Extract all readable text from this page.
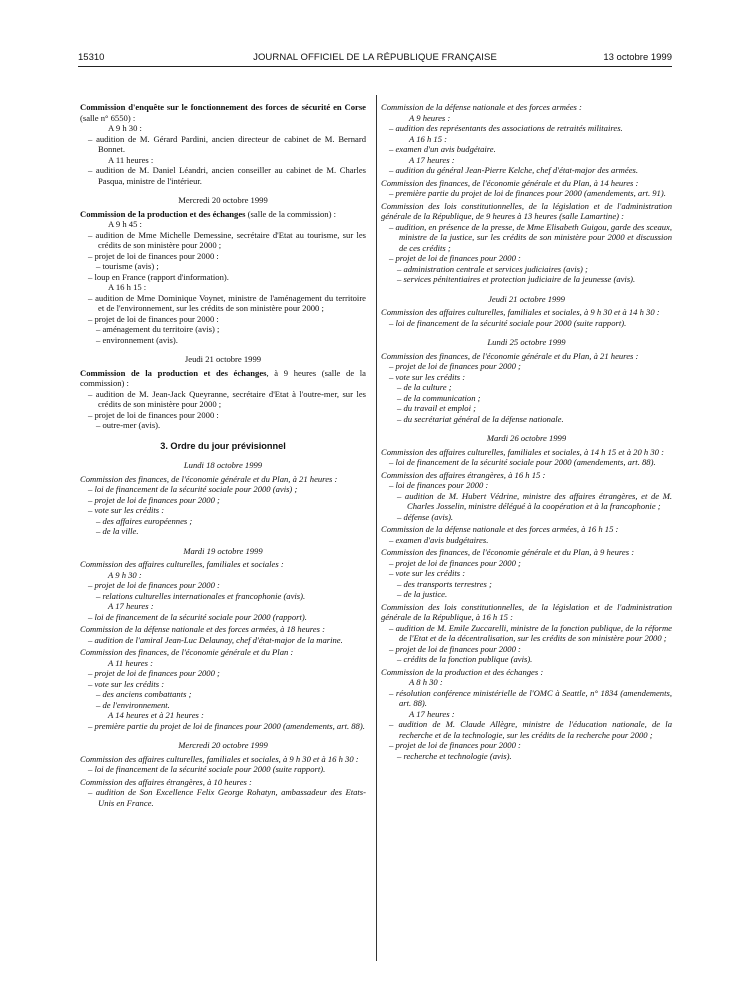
15310	JOURNAL OFFICIEL DE LA RÉPUBLIQUE FRANÇAISE	13 octobre 1999

Commission d'enquête sur le fonctionnement des forces de sécurité en Corse (salle n° 6550) :

A 9 h 30 :

– audition de M. Gérard Pardini, ancien directeur de cabinet de M. Bernard Bonnet.

A 11 heures :

– audition de M. Daniel Léandri, ancien conseiller au cabinet de M. Charles Pasqua, ministre de l'intérieur.

Mercredi 20 octobre 1999

Commission de la production et des échanges (salle de la commission) :

A 9 h 45 :

– audition de Mme Michelle Demessine, secrétaire d'Etat au tourisme, sur les crédits de son ministère pour 2000 ;

– projet de loi de finances pour 2000 :

– tourisme (avis) ;

– loup en France (rapport d'information).

A 16 h 15 :

– audition de Mme Dominique Voynet, ministre de l'aménagement du territoire et de l'environnement, sur les crédits de son ministère pour 2000 ;

– projet de loi de finances pour 2000 :

– aménagement du territoire (avis) ;

– environnement (avis).

Jeudi 21 octobre 1999

Commission de la production et des échanges, à 9 heures (salle de la commission) :

– audition de M. Jean-Jack Queyranne, secrétaire d'Etat à l'outre-mer, sur les crédits de son ministère pour 2000 ;

– projet de loi de finances pour 2000 :

– outre-mer (avis).

3. Ordre du jour prévisionnel

Lundi 18 octobre 1999

Commission des finances, de l'économie générale et du Plan, à 21 heures :

– loi de financement de la sécurité sociale pour 2000 (avis) ;

– projet de loi de finances pour 2000 ;

– vote sur les crédits :

– des affaires européennes ;

– de la ville.

Mardi 19 octobre 1999

Commission des affaires culturelles, familiales et sociales :

A 9 h 30 :

– projet de loi de finances pour 2000 :

– relations culturelles internationales et francophonie (avis).

A 17 heures :

– loi de financement de la sécurité sociale pour 2000 (rapport).

Commission de la défense nationale et des forces armées, à 18 heures :

– audition de l'amiral Jean-Luc Delaunay, chef d'état-major de la marine.

Commission des finances, de l'économie générale et du Plan :

A 11 heures :

– projet de loi de finances pour 2000 ;

– vote sur les crédits :

– des anciens combattants ;

– de l'environnement.

A 14 heures et à 21 heures :

– première partie du projet de loi de finances pour 2000 (amendements, art. 88).

Mercredi 20 octobre 1999

Commission des affaires culturelles, familiales et sociales, à 9 h 30 et à 16 h 30 :

– loi de financement de la sécurité sociale pour 2000 (suite rapport).

Commission des affaires étrangères, à 10 heures :

– audition de Son Excellence Felix George Rohatyn, ambassadeur des Etats-Unis en France.

Commission de la défense nationale et des forces armées :

A 9 heures :

– audition des représentants des associations de retraités militaires.

A 16 h 15 :

– examen d'un avis budgétaire.

A 17 heures :

– audition du général Jean-Pierre Kelche, chef d'état-major des armées.

Commission des finances, de l'économie générale et du Plan, à 14 heures :

– première partie du projet de loi de finances pour 2000 (amendements, art. 91).

Commission des lois constitutionnelles, de la législation et de l'administration générale de la République, de 9 heures à 13 heures (salle Lamartine) :

– audition, en présence de la presse, de Mme Elisabeth Guigou, garde des sceaux, ministre de la justice, sur les crédits de son ministère pour 2000 et discussion de ces crédits ;

– projet de loi de finances pour 2000 :

– administration centrale et services judiciaires (avis) ;

– services pénitentiaires et protection judiciaire de la jeunesse (avis).

Jeudi 21 octobre 1999

Commission des affaires culturelles, familiales et sociales, à 9 h 30 et à 14 h 30 :

– loi de financement de la sécurité sociale pour 2000 (suite rapport).

Lundi 25 octobre 1999

Commission des finances, de l'économie générale et du Plan, à 21 heures :

– projet de loi de finances pour 2000 ;

– vote sur les crédits :

– de la culture ;

– de la communication ;

– du travail et emploi ;

– du secrétariat général de la défense nationale.

Mardi 26 octobre 1999

Commission des affaires culturelles, familiales et sociales, à 14 h 15 et à 20 h 30 :

– loi de financement de la sécurité sociale pour 2000 (amendements, art. 88).

Commission des affaires étrangères, à 16 h 15 :

– loi de finances pour 2000 :

– audition de M. Hubert Védrine, ministre des affaires étrangères, et de M. Charles Josselin, ministre délégué à la coopération et à la francophonie ;

– défense (avis).

Commission de la défense nationale et des forces armées, à 16 h 15 :

– examen d'avis budgétaires.

Commission des finances, de l'économie générale et du Plan, à 9 heures :

– projet de loi de finances pour 2000 ;

– vote sur les crédits :

– des transports terrestres ;

– de la justice.

Commission des lois constitutionnelles, de la législation et de l'administration générale de la République, à 16 h 15 :

– audition de M. Emile Zuccarelli, ministre de la fonction publique, de la réforme de l'Etat et de la décentralisation, sur les crédits de son ministère pour 2000 ;

– projet de loi de finances pour 2000 :

– crédits de la fonction publique (avis).

Commission de la production et des échanges :

A 8 h 30 :

– résolution conférence ministérielle de l'OMC à Seattle, n° 1834 (amendements, art. 88).

A 17 heures :

– audition de M. Claude Allègre, ministre de l'éducation nationale, de la recherche et de la technologie, sur les crédits de la recherche pour 2000 ;

– projet de loi de finances pour 2000 :

– recherche et technologie (avis).
